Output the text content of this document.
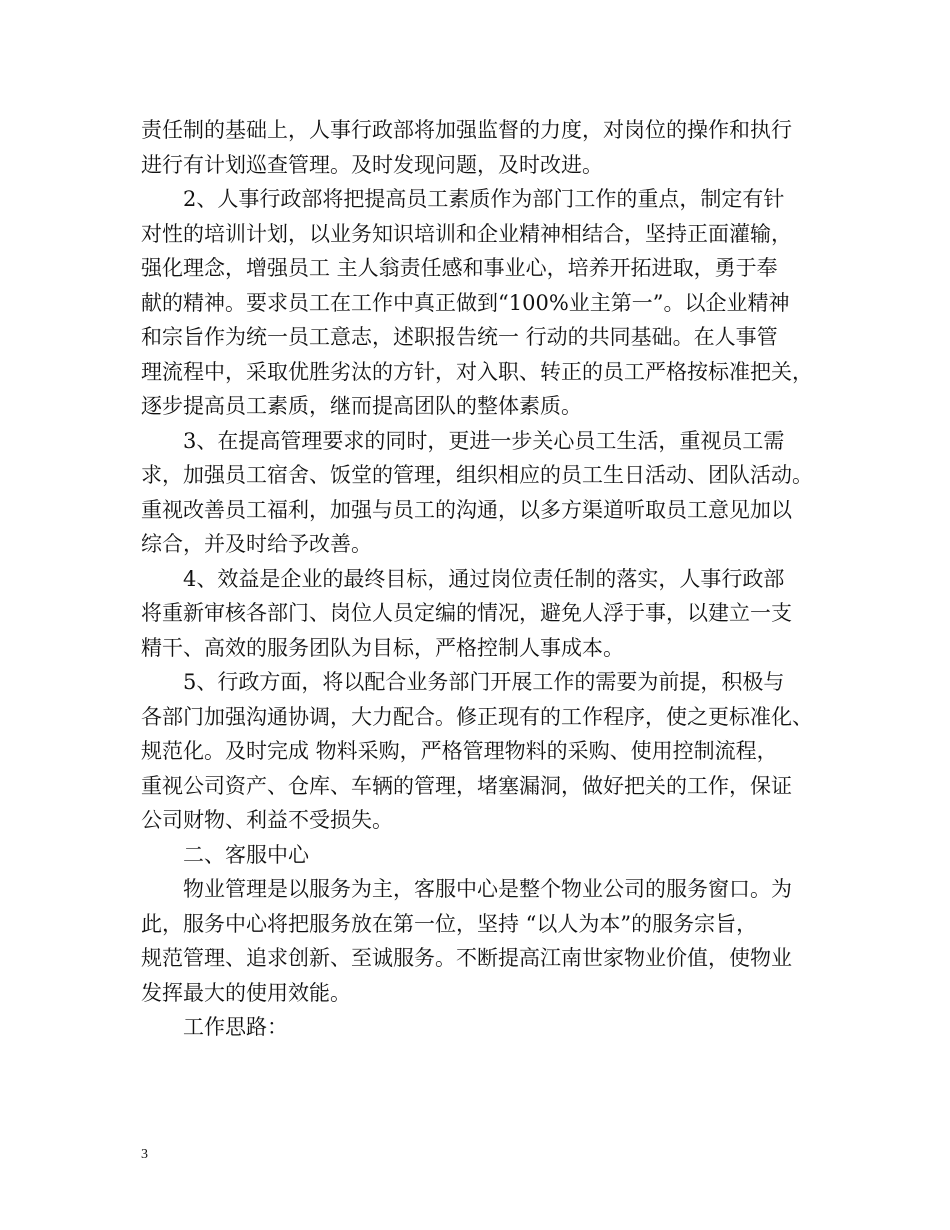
责任制的基础上，人事行政部将加强监督的力度，对岗位的操作和执行
进行有计划巡查管理。及时发现问题，及时改进。
2、人事行政部将把提高员工素质作为部门工作的重点，制定有针
对性的培训计划，以业务知识培训和企业精神相结合，坚持正面灌输，
强化理念，增强员工 主人翁责任感和事业心，培养开拓进取，勇于奉
献的精神。要求员工在工作中真正做到“100%业主第一”。以企业精神
和宗旨作为统一员工意志，述职报告统一 行动的共同基础。在人事管
理流程中，采取优胜劣汰的方针，对入职、转正的员工严格按标准把关，
逐步提高员工素质，继而提高团队的整体素质。
3、在提高管理要求的同时，更进一步关心员工生活，重视员工需
求，加强员工宿舍、饭堂的管理，组织相应的员工生日活动、团队活动。
重视改善员工福利，加强与员工的沟通，以多方渠道听取员工意见加以
综合，并及时给予改善。
4、效益是企业的最终目标，通过岗位责任制的落实，人事行政部
将重新审核各部门、岗位人员定编的情况，避免人浮于事，以建立一支
精干、高效的服务团队为目标，严格控制人事成本。
5、行政方面，将以配合业务部门开展工作的需要为前提，积极与
各部门加强沟通协调，大力配合。修正现有的工作程序，使之更标准化、
规范化。及时完成 物料采购，严格管理物料的采购、使用控制流程，
重视公司资产、仓库、车辆的管理，堵塞漏洞，做好把关的工作，保证
公司财物、利益不受损失。
二、客服中心
物业管理是以服务为主，客服中心是整个物业公司的服务窗口。为
此，服务中心将把服务放在第一位，坚持 “以人为本”的服务宗旨，
规范管理、追求创新、至诚服务。不断提高江南世家物业价值，使物业
发挥最大的使用效能。
工作思路：
3
